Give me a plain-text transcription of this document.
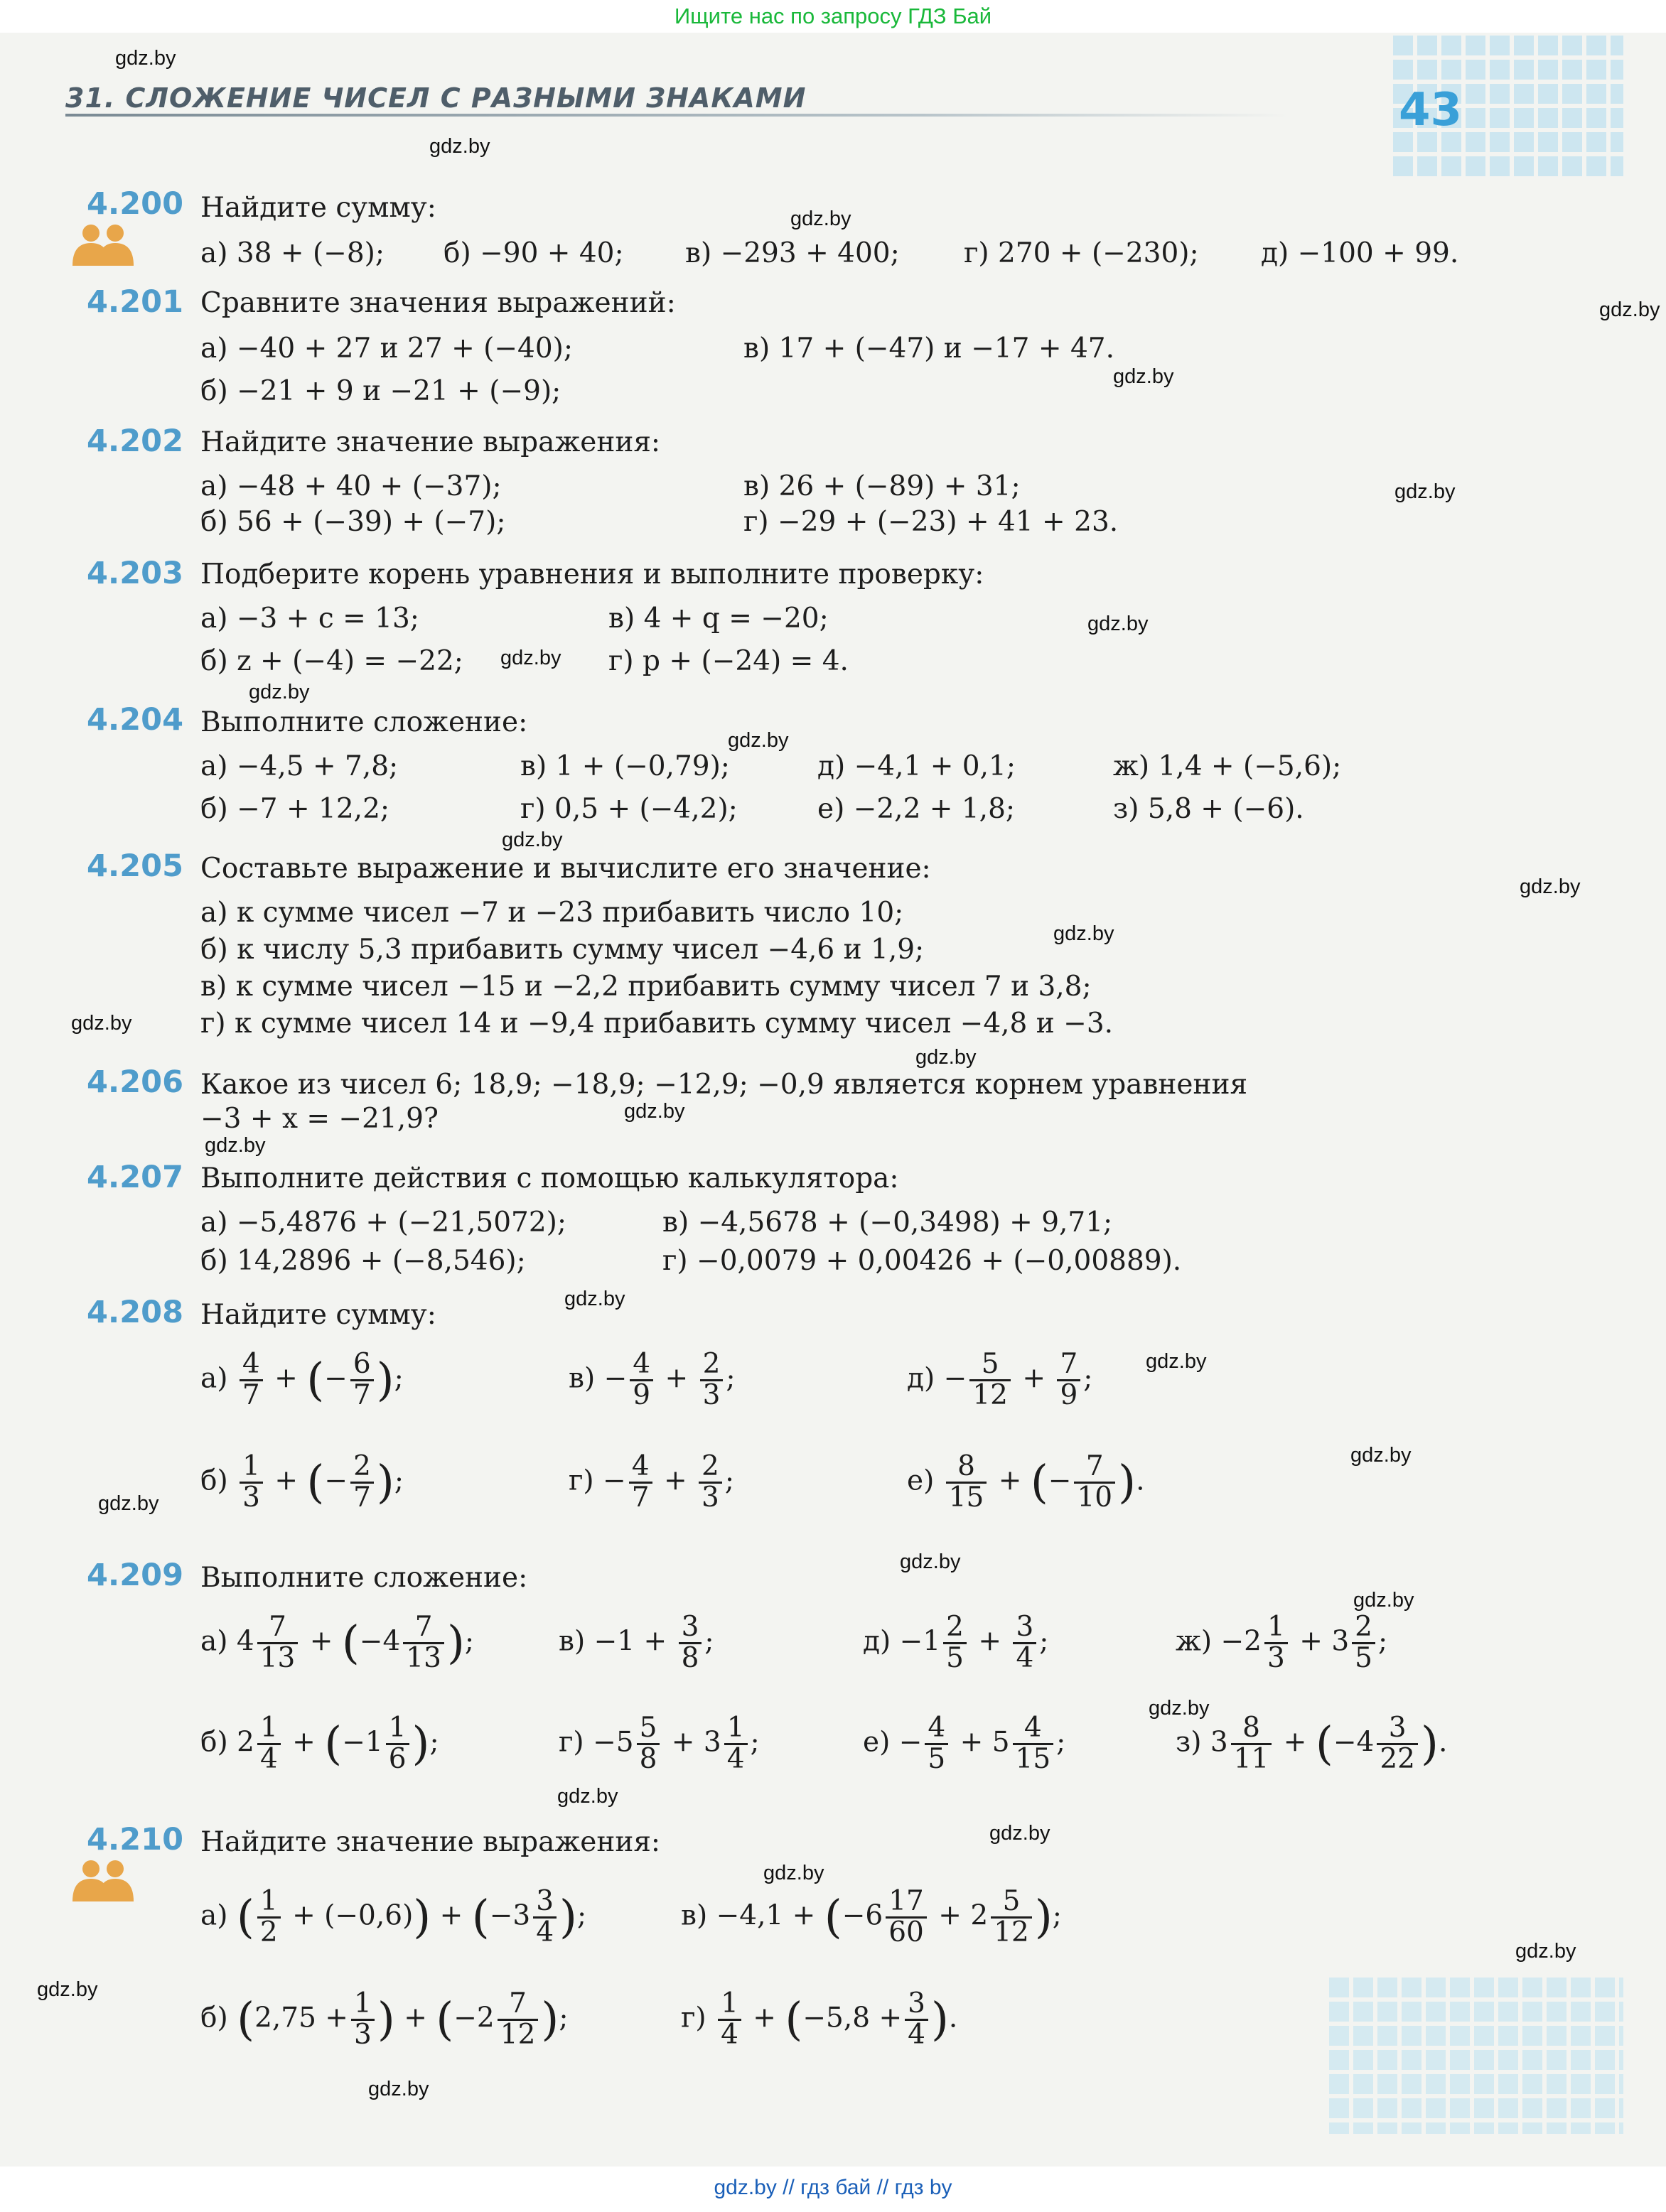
Ищите нас по запросу ГДЗ Бай
31. СЛОЖЕНИЕ ЧИСЕЛ С РАЗНЫМИ ЗНАКАМИ	43
gdz.by
gdz.by
gdz.by
gdz.by
gdz.by
gdz.by
gdz.by
gdz.by
gdz.by
gdz.by
gdz.by
gdz.by
gdz.by
gdz.by
gdz.by
gdz.by
gdz.by
gdz.by
gdz.by
gdz.by
gdz.by
gdz.by
gdz.by
gdz.by
gdz.by
gdz.by
gdz.by
gdz.by
gdz.by
gdz.by
4.200 Найдите сумму:
а) 38 + (−8); б) −90 + 40; в) −293 + 400; г) 270 + (−230); д) −100 + 99.
4.201 Сравните значения выражений:
а) −40 + 27 и 27 + (−40);	в) 17 + (−47) и −17 + 47.
б) −21 + 9 и −21 + (−9);
4.202 Найдите значение выражения:
а) −48 + 40 + (−37);	в) 26 + (−89) + 31;
б) 56 + (−39) + (−7);	г) −29 + (−23) + 41 + 23.
4.203 Подберите корень уравнения и выполните проверку:
а) −3 + c = 13;	в) 4 + q = −20;
б) z + (−4) = −22;	г) p + (−24) = 4.
4.204 Выполните сложение:
а) −4,5 + 7,8;	в) 1 + (−0,79);	д) −4,1 + 0,1;	ж) 1,4 + (−5,6);
б) −7 + 12,2;	г) 0,5 + (−4,2);	е) −2,2 + 1,8;	з) 5,8 + (−6).
4.205 Составьте выражение и вычислите его значение:
а) к сумме чисел −7 и −23 прибавить число 10;
б) к числу 5,3 прибавить сумму чисел −4,6 и 1,9;
в) к сумме чисел −15 и −2,2 прибавить сумму чисел 7 и 3,8;
г) к сумме чисел 14 и −9,4 прибавить сумму чисел −4,8 и −3.
4.206 Какое из чисел 6; 18,9; −18,9; −12,9; −0,9 является корнем уравнения
−3 + x = −21,9?
4.207 Выполните действия с помощью калькулятора:
а) −5,4876 + (−21,5072);	в) −4,5678 + (−0,3498) + 9,71;
б) 14,2896 + (−8,546);	г) −0,0079 + 0,00426 + (−0,00889).
4.208 Найдите сумму:
$а) \frac{4}{7}$ + (− $\frac{6}{7}$ );	$в) - \frac{4}{9} + \frac{2}{3}$ ;	$д) - \frac{5}{12} + \frac{7}{9}$ ;
$б) \frac{1}{3}$ + (− $\frac{2}{7}$ );	$г) - \frac{4}{7} + \frac{2}{3}$ ;	$е) \frac{8}{15}$ + (− $\frac{7}{10}$ ).
4.209 Выполните сложение:
а) $4 \frac{7}{13} + (-4 \frac{7}{13}$ );	$в) -1 + \frac{3}{8}$ ;	$д) -1 \frac{2}{5} + \frac{3}{4}$ ;	$ж) -2 \frac{1}{3} + 3 \frac{2}{5}$ ;
б) $2 \frac{1}{4} + (-1 \frac{1}{6}$ );	$г) -5 \frac{5}{8} + 3 \frac{1}{4}$ ;	$е) - \frac{4}{5} + 5 \frac{4}{15}$ ;	з) $3 \frac{8}{11} + (-4 \frac{3}{22}$ ).
4.210 Найдите значение выражения:
а) ( $\frac{1}{2} + (-0,6)) + (-3 \frac{3}{4}$ );	$в) -4,1 + (-6 \frac{17}{60} + 2 \frac{5}{12}$ );
б) ($2,75 + \frac{1}{3}$ ) + ($-2 \frac{7}{12}$ );	$г) \frac{1}{4} + (-5,8 + \frac{3}{4}$ ).
gdz.by // гдз бай // гдз by
